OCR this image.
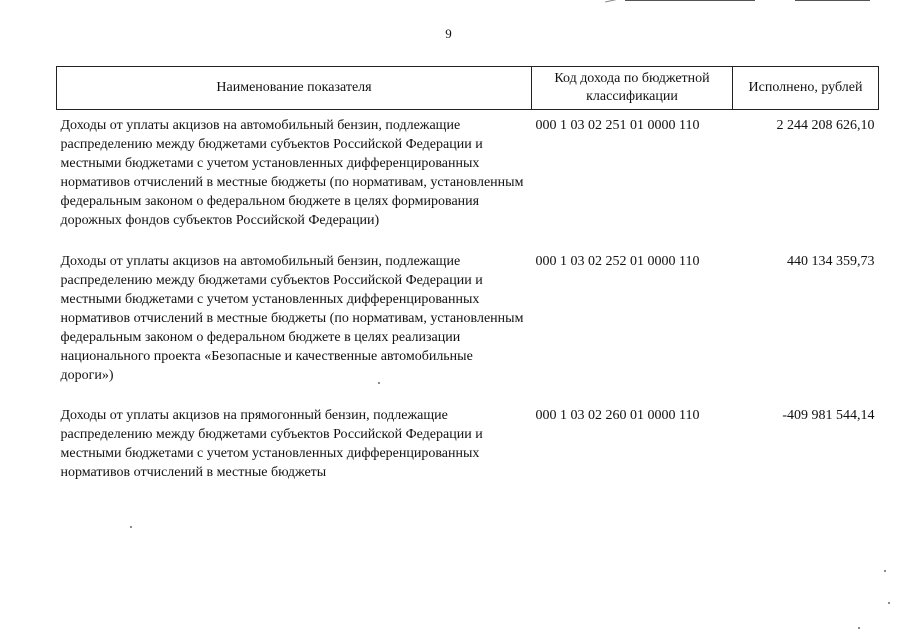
9
Наименование показателя	Код дохода по бюджетной классификации	Исполнено, рублей
Доходы от уплаты акцизов на автомобильный бензин, подлежащие распределению между бюджетами субъектов Российской Федерации и местными бюджетами с учетом установленных дифференцированных нормативов отчислений в местные бюджеты (по нормативам, установленным федеральным законом о федеральном бюджете в целях формирования дорожных фондов субъектов Российской Федерации)	000 1 03 02 251 01 0000 110	2 244 208 626,10
Доходы от уплаты акцизов на автомобильный бензин, подлежащие распределению между бюджетами субъектов Российской Федерации и местными бюджетами с учетом установленных дифференцированных нормативов отчислений в местные бюджеты (по нормативам, установленным федеральным законом о федеральном бюджете в целях реализации национального проекта «Безопасные и качественные автомобильные дороги»)	000 1 03 02 252 01 0000 110	440 134 359,73
Доходы от уплаты акцизов на прямогонный бензин, подлежащие распределению между бюджетами субъектов Российской Федерации и местными бюджетами с учетом установленных дифференцированных нормативов отчислений в местные бюджеты	000 1 03 02 260 01 0000 110	-409 981 544,14
